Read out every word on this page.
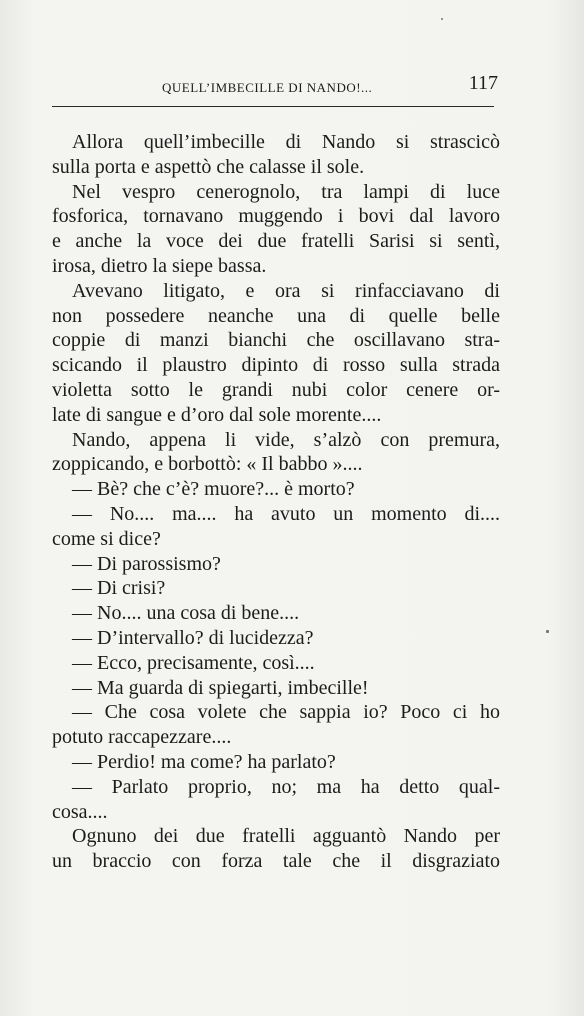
QUELL’IMBECILLE DI NANDO!...	117
Allora quell’imbecille di Nando si strascicò
sulla porta e aspettò che calasse il sole.
Nel vespro cenerognolo, tra lampi di luce
fosforica, tornavano muggendo i bovi dal lavoro
e anche la voce dei due fratelli Sarisi si sentì,
irosa, dietro la siepe bassa.
Avevano litigato, e ora si rinfacciavano di
non possedere neanche una di quelle belle
coppie di manzi bianchi che oscillavano stra-
scicando il plaustro dipinto di rosso sulla strada
violetta sotto le grandi nubi color cenere or-
late di sangue e d’oro dal sole morente....
Nando, appena li vide, s’alzò con premura,
zoppicando, e borbottò: « Il babbo »....
— Bè? che c’è? muore?... è morto?
— No.... ma.... ha avuto un momento di....
come si dice?
— Di parossismo?
— Di crisi?
— No.... una cosa di bene....
— D’intervallo? di lucidezza?
— Ecco, precisamente, così....
— Ma guarda di spiegarti, imbecille!
— Che cosa volete che sappia io? Poco ci ho
potuto raccapezzare....
— Perdio! ma come? ha parlato?
— Parlato proprio, no; ma ha detto qual-
cosa....
Ognuno dei due fratelli agguantò Nando per
un braccio con forza tale che il disgraziato
